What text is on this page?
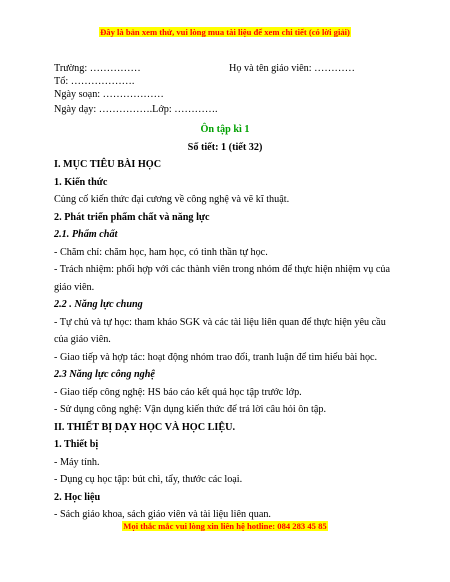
Đây là bản xem thử, vui lòng mua tài liệu để xem chi tiết (có lời giải)
Trường: ……………	Họ và tên giáo viên: …………
Tổ: ……………….
Ngày soạn: ………………
Ngày dạy: …………….Lớp: ………….
Ôn tập kì 1
Số tiết: 1 (tiết 32)
I. MỤC TIÊU BÀI HỌC
1. Kiến thức
Củng cố kiến thức đại cương về công nghệ và vẽ kĩ thuật.
2. Phát triển phẩm chất và năng lực
2.1. Phẩm chất
- Chăm chỉ: chăm học, ham học, có tinh thần tự học.
- Trách nhiệm: phối hợp với các thành viên trong nhóm để thực hiện nhiệm vụ của
giáo viên.
2.2 . Năng lực chung
- Tự chủ và tự học: tham khảo SGK và các tài liệu liên quan để thực hiện yêu cầu
của giáo viên.
- Giao tiếp và hợp tác: hoạt động nhóm trao đổi, tranh luận để tìm hiểu bài học.
2.3 Năng lực công nghệ
- Giao tiếp công nghệ: HS báo cáo kết quả học tập trước lớp.
- Sử dụng công nghệ: Vận dụng kiến thức để trả lời câu hỏi ôn tập.
II. THIẾT BỊ DẠY HỌC VÀ HỌC LIỆU.
1. Thiết bị
- Máy tính.
- Dụng cụ học tập: bút chì, tẩy, thước các loại.
2. Học liệu
- Sách giáo khoa, sách giáo viên và tài liệu liên quan.
Mọi thắc mắc vui lòng xin liên hệ hotline: 084 283 45 85
